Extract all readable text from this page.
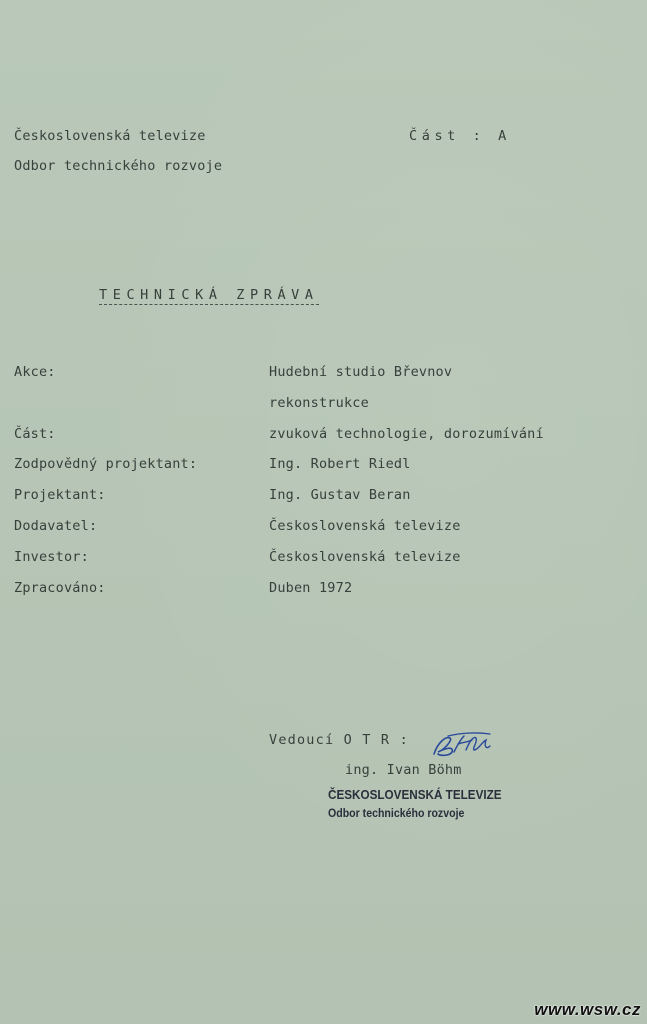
Československá televize
Odbor technického rozvoje
Část : A
TECHNICKÁ ZPRÁVA
Akce:	Hudební studio Břevnov
rekonstrukce
Část:	zvuková technologie, dorozumívání
Zodpovědný projektant:	Ing. Robert Riedl
Projektant:	Ing. Gustav Beran
Dodavatel:	Československá televize
Investor:	Československá televize
Zpracováno:	Duben 1972
Vedoucí O T R :
ing. Ivan Böhm
ČESKOSLOVENSKÁ TELEVIZE
Odbor technického rozvoje
www.wsw.cz
